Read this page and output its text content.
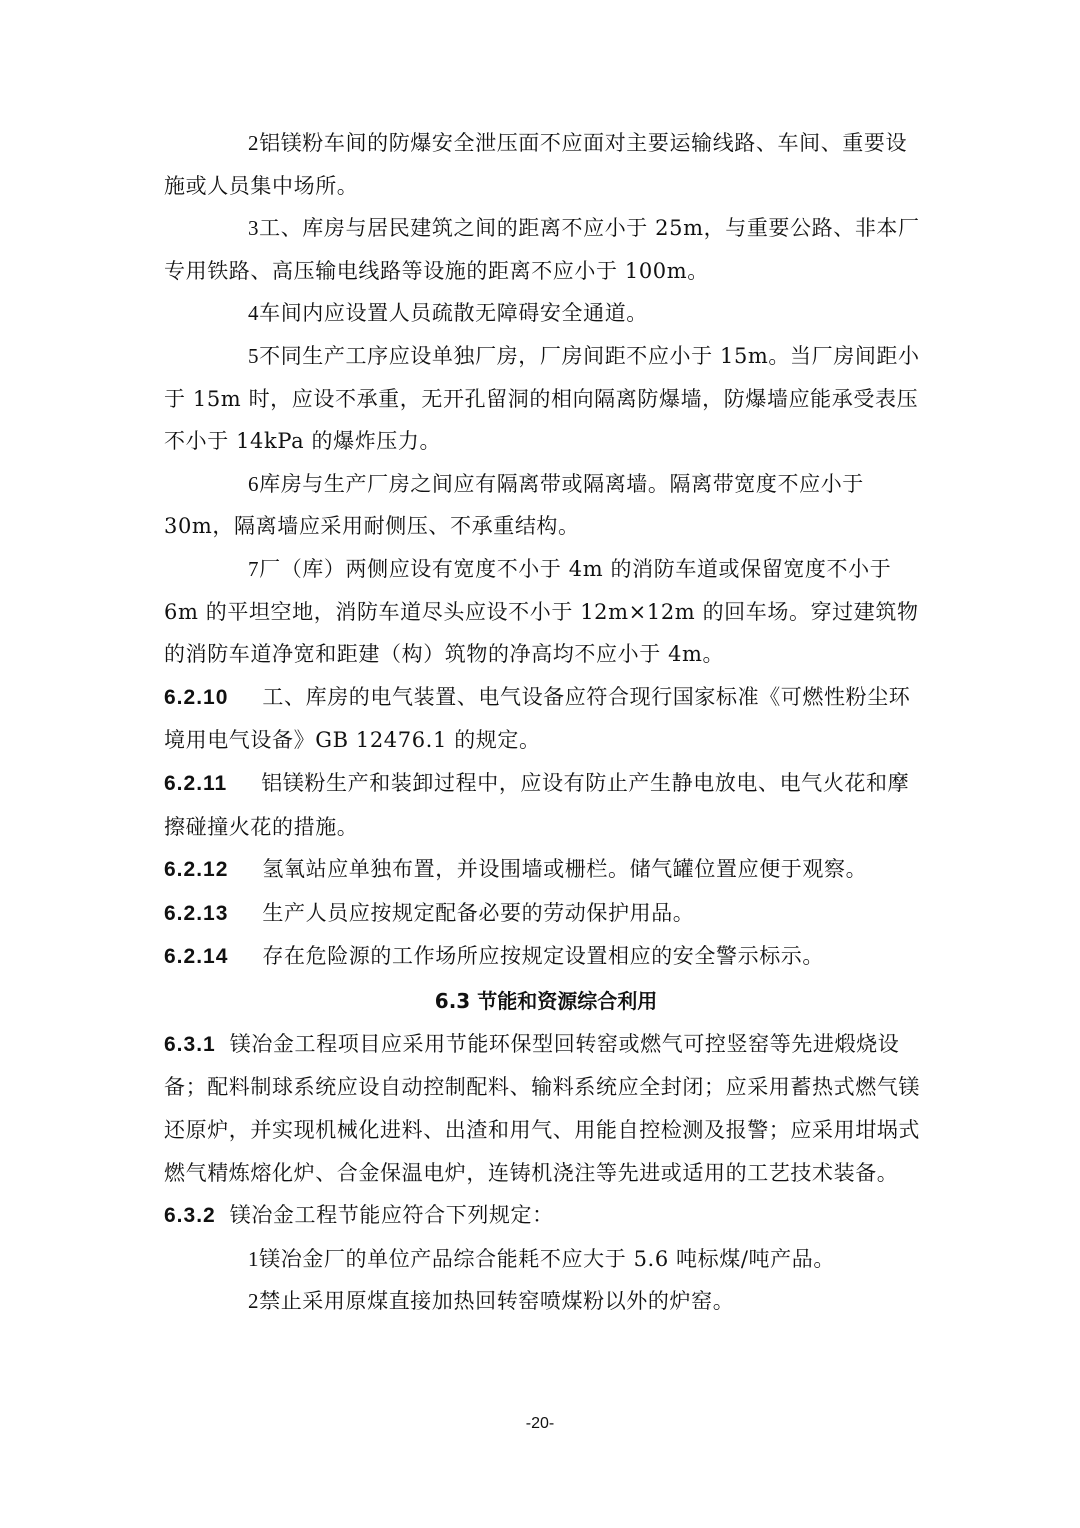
2铝镁粉车间的防爆安全泄压面不应面对主要运输线路、车间、重要设施或人员集中场所。

3工、库房与居民建筑之间的距离不应小于 25m，与重要公路、非本厂专用铁路、高压输电线路等设施的距离不应小于 100m。

4车间内应设置人员疏散无障碍安全通道。

5不同生产工序应设单独厂房，厂房间距不应小于 15m。当厂房间距小于 15m 时，应设不承重，无开孔留洞的相向隔离防爆墙，防爆墙应能承受表压不小于 14kPa 的爆炸压力。

6库房与生产厂房之间应有隔离带或隔离墙。隔离带宽度不应小于 30m，隔离墙应采用耐侧压、不承重结构。

7厂（库）两侧应设有宽度不小于 4m 的消防车道或保留宽度不小于 6m 的平坦空地，消防车道尽头应设不小于 12m×12m 的回车场。穿过建筑物的消防车道净宽和距建（构）筑物的净高均不应小于 4m。

6.2.10 工、库房的电气装置、电气设备应符合现行国家标准《可燃性粉尘环境用电气设备》GB 12476.1 的规定。

6.2.11 铝镁粉生产和装卸过程中，应设有防止产生静电放电、电气火花和摩擦碰撞火花的措施。

6.2.12 氢氧站应单独布置，并设围墙或栅栏。储气罐位置应便于观察。

6.2.13 生产人员应按规定配备必要的劳动保护用品。

6.2.14 存在危险源的工作场所应按规定设置相应的安全警示标示。

6.3 节能和资源综合利用

6.3.1 镁冶金工程项目应采用节能环保型回转窑或燃气可控竖窑等先进煅烧设备；配料制球系统应设自动控制配料、输料系统应全封闭；应采用蓄热式燃气镁还原炉，并实现机械化进料、出渣和用气、用能自控检测及报警；应采用坩埚式燃气精炼熔化炉、合金保温电炉，连铸机浇注等先进或适用的工艺技术装备。

6.3.2 镁冶金工程节能应符合下列规定：

1镁冶金厂的单位产品综合能耗不应大于 5.6 吨标煤/吨产品。

2禁止采用原煤直接加热回转窑喷煤粉以外的炉窑。

-20-
